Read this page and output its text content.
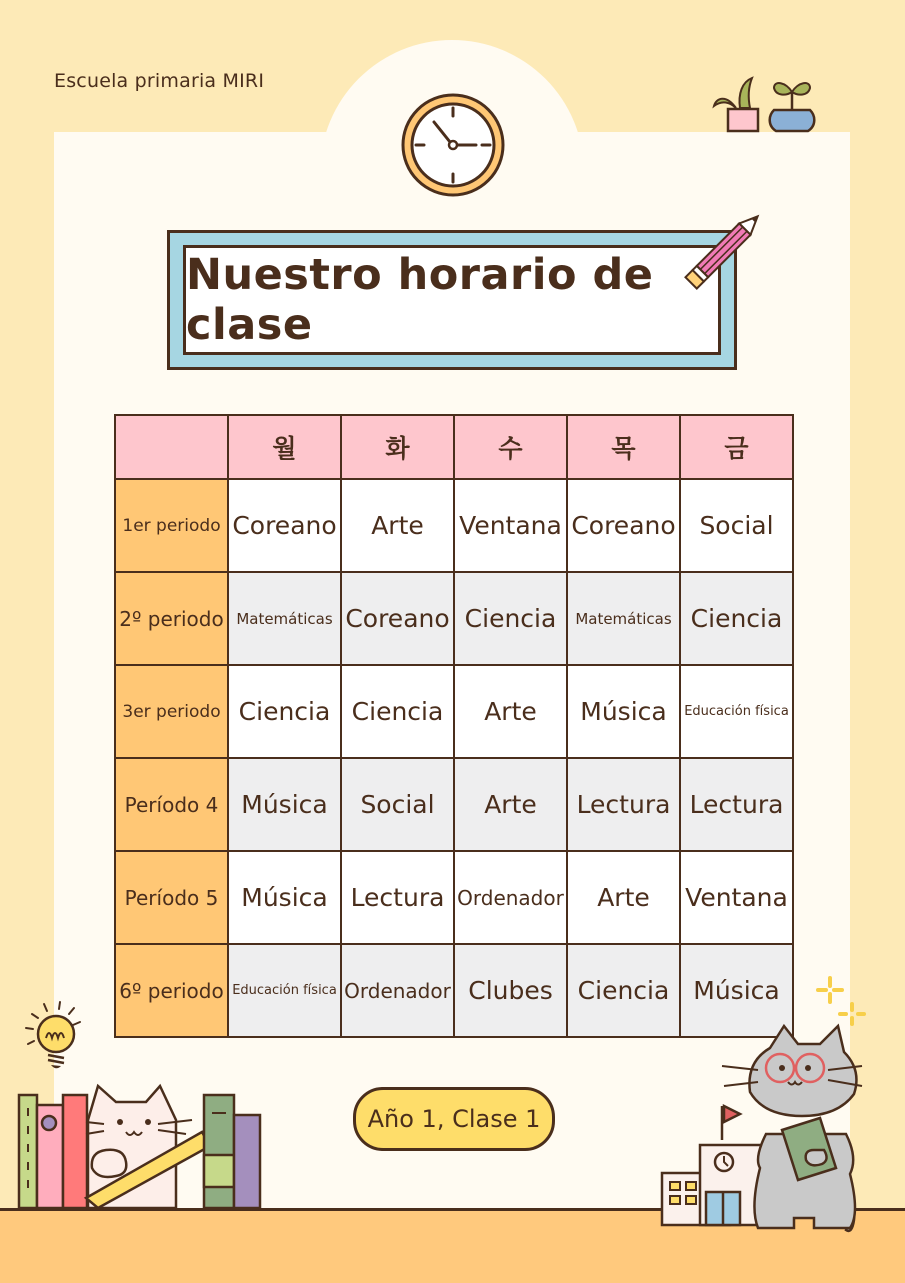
Escuela primaria MIRI
Nuestro horario de clase
	월	화	수	목	금
1er periodo	Coreano	Arte	Ventana	Coreano	Social
2º periodo	Matemáticas	Coreano	Ciencia	Matemáticas	Ciencia
3er periodo	Ciencia	Ciencia	Arte	Música	Educación física
Período 4	Música	Social	Arte	Lectura	Lectura
Período 5	Música	Lectura	Ordenador	Arte	Ventana
6º periodo	Educación física	Ordenador	Clubes	Ciencia	Música
Año 1, Clase 1
